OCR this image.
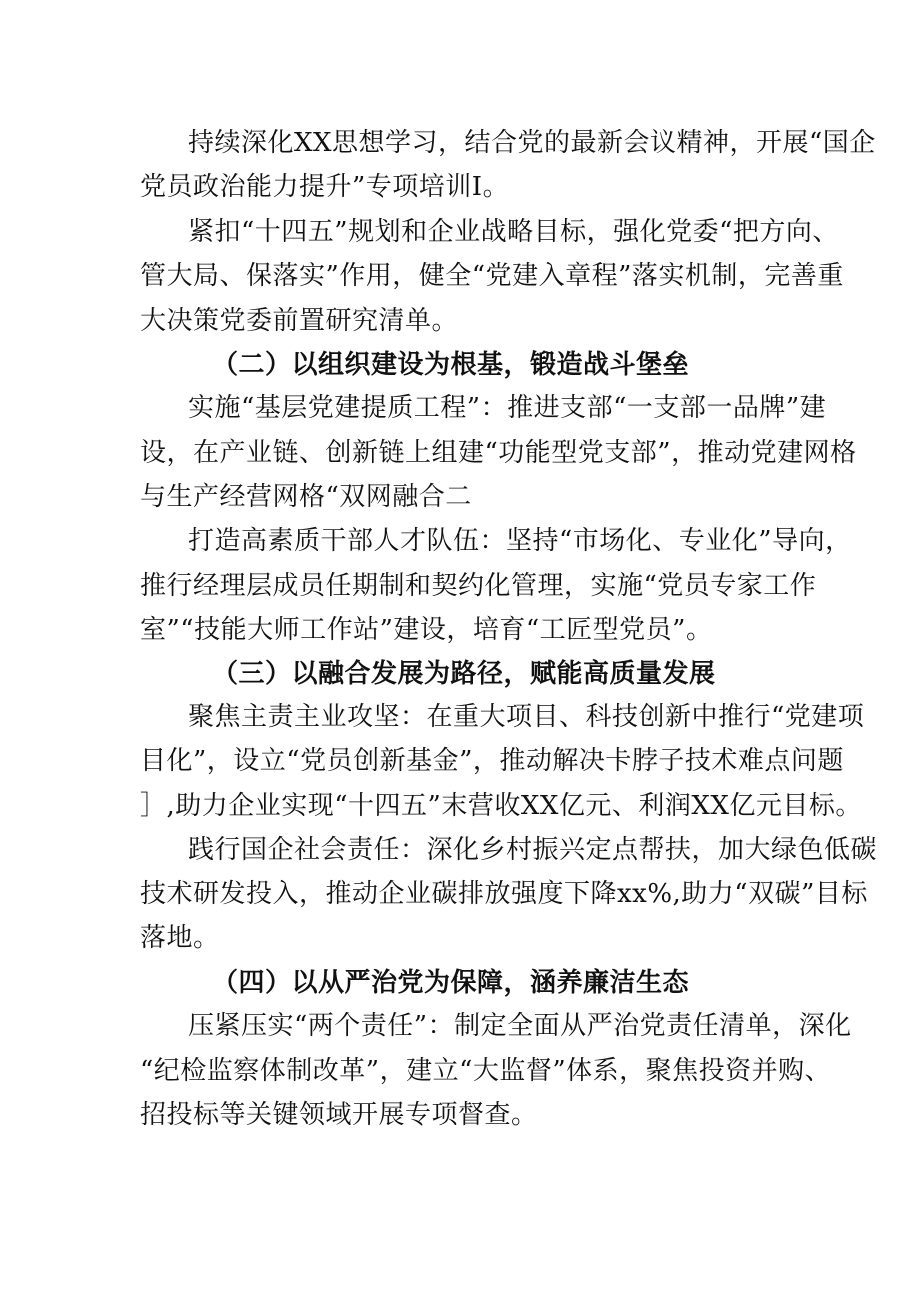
持续深化XX思想学习，结合党的最新会议精神，开展“国企
党员政治能力提升”专项培训I。
紧扣“十四五”规划和企业战略目标，强化党委“把方向、
管大局、保落实”作用，健全“党建入章程”落实机制，完善重
大决策党委前置研究清单。
（二）以组织建设为根基，锻造战斗堡垒
实施“基层党建提质工程”：推进支部“一支部一品牌”建
设，在产业链、创新链上组建“功能型党支部”，推动党建网格
与生产经营网格“双网融合二
打造高素质干部人才队伍：坚持“市场化、专业化”导向，
推行经理层成员任期制和契约化管理，实施“党员专家工作
室”“技能大师工作站”建设，培育“工匠型党员”。
（三）以融合发展为路径，赋能高质量发展
聚焦主责主业攻坚：在重大项目、科技创新中推行“党建项
目化”，设立“党员创新基金”，推动解决卡脖子技术难点问题
］,助力企业实现“十四五”末营收XX亿元、利润XX亿元目标。
践行国企社会责任：深化乡村振兴定点帮扶，加大绿色低碳
技术研发投入，推动企业碳排放强度下降xx%,助力“双碳”目标
落地。
（四）以从严治党为保障，涵养廉洁生态
压紧压实“两个责任”：制定全面从严治党责任清单，深化
“纪检监察体制改革”，建立“大监督”体系，聚焦投资并购、
招投标等关键领域开展专项督查。
